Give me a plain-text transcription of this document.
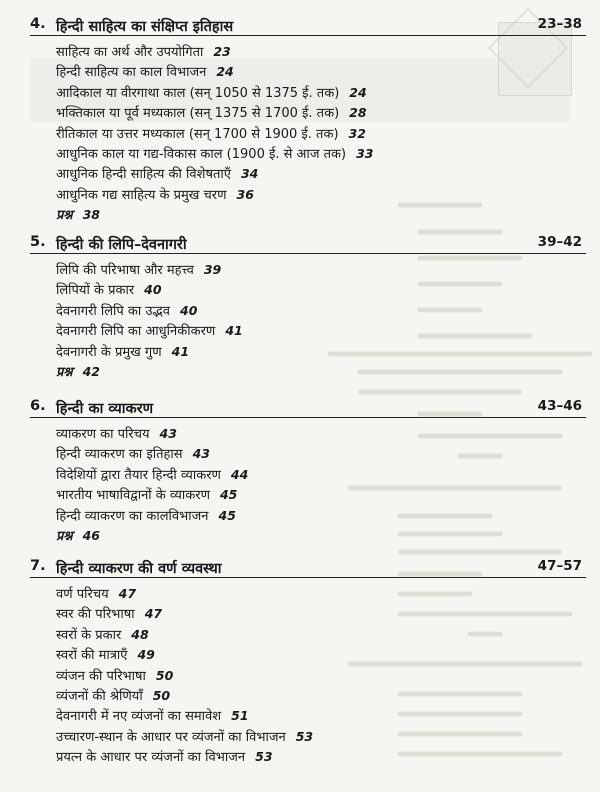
4. हिन्दी साहित्य का संक्षिप्त इतिहास	23–38
साहित्य का अर्थ और उपयोगिता 23
हिन्दी साहित्य का काल विभाजन 24
आदिकाल या वीरगाथा काल (सन् 1050 से 1375 ई. तक) 24
भक्तिकाल या पूर्व मध्यकाल (सन् 1375 से 1700 ई. तक) 28
रीतिकाल या उत्तर मध्यकाल (सन् 1700 से 1900 ई. तक) 32
आधुनिक काल या गद्य-विकास काल (1900 ई. से आज तक) 33
आधुनिक हिन्दी साहित्य की विशेषताएँ 34
आधुनिक गद्य साहित्य के प्रमुख चरण 36
प्रश्न 38
5. हिन्दी की लिपि–देवनागरी	39–42
लिपि की परिभाषा और महत्त्व 39
लिपियों के प्रकार 40
देवनागरी लिपि का उद्भव 40
देवनागरी लिपि का आधुनिकीकरण 41
देवनागरी के प्रमुख गुण 41
प्रश्न 42
6. हिन्दी का व्याकरण	43–46
व्याकरण का परिचय 43
हिन्दी व्याकरण का इतिहास 43
विदेशियों द्वारा तैयार हिन्दी व्याकरण 44
भारतीय भाषाविद्वानों के व्याकरण 45
हिन्दी व्याकरण का कालविभाजन 45
प्रश्न 46
7. हिन्दी व्याकरण की वर्ण व्यवस्था	47–57
वर्ण परिचय 47
स्वर की परिभाषा 47
स्वरों के प्रकार 48
स्वरों की मात्राएँ 49
व्यंजन की परिभाषा 50
व्यंजनों की श्रेणियाँ 50
देवनागरी में नए व्यंजनों का समावेश 51
उच्चारण-स्थान के आधार पर व्यंजनों का विभाजन 53
प्रयत्न के आधार पर व्यंजनों का विभाजन 53
